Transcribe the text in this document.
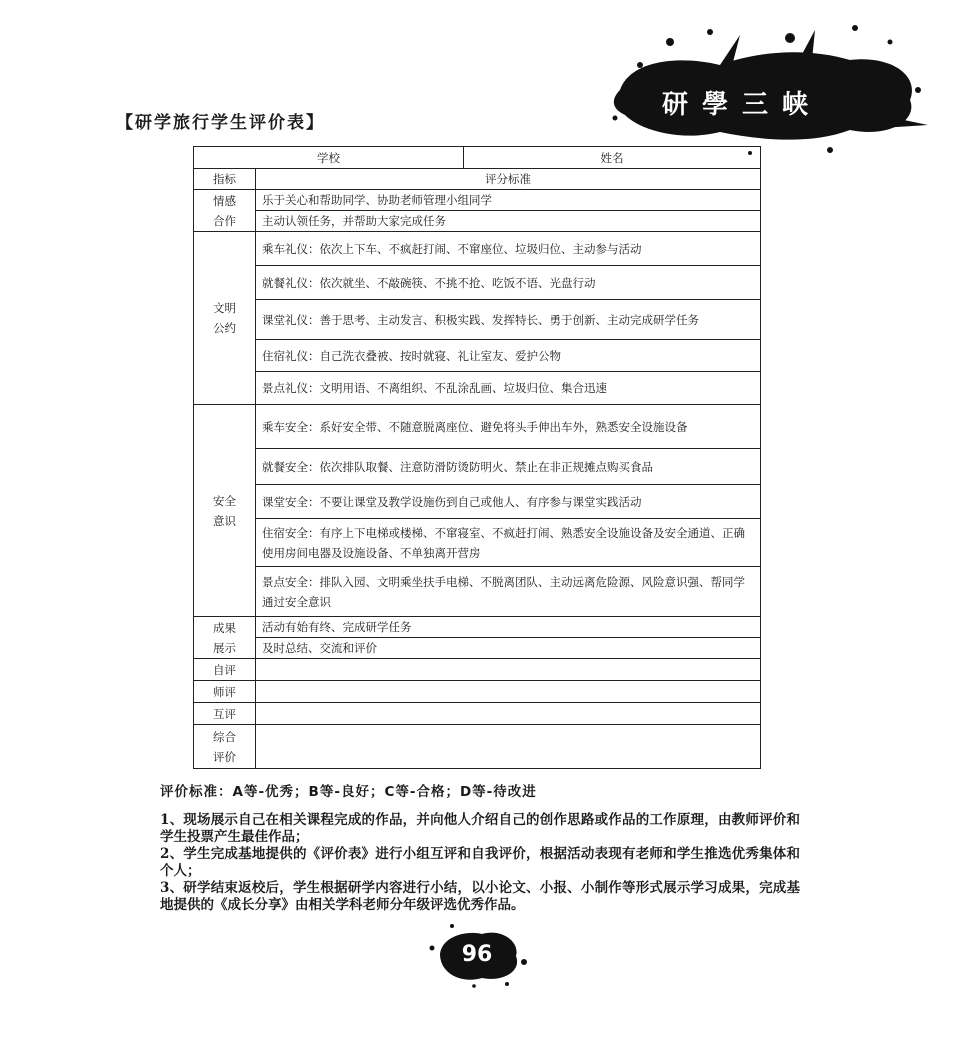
研學三峡
【研学旅行学生评价表】
学校		姓名
指标	评分标准	

情感
合作	乐于关心和帮助同学、协助老师管理小组同学	
	主动认领任务，并帮助大家完成任务	

文明
公约	乘车礼仪：依次上下车、不疯赶打闹、不窜座位、垃圾归位、主动参与活动	
	就餐礼仪：依次就坐、不敲碗筷、不挑不抢、吃饭不语、光盘行动	
	课堂礼仪：善于思考、主动发言、积极实践、发挥特长、勇于创新、主动完成研学任务	
	住宿礼仪：自己洗衣叠被、按时就寝、礼让室友、爱护公物	
	景点礼仪：文明用语、不离组织、不乱涂乱画、垃圾归位、集合迅速	

安全
意识	乘车安全：系好安全带、不随意脱离座位、避免将头手伸出车外，熟悉安全设施设备	
	就餐安全：依次排队取餐、注意防滑防烫防明火、禁止在非正规摊点购买食品	
	课堂安全：不要让课堂及教学设施伤到自己或他人、有序参与课堂实践活动	
	住宿安全：有序上下电梯或楼梯、不窜寝室、不疯赶打闹、熟悉安全设施设备及安全通道、正确使用房间电器及设施设备、不单独离开营房	
	景点安全：排队入园、文明乘坐扶手电梯、不脱离团队、主动远离危险源、风险意识强、帮同学通过安全意识	

成果
展示	活动有始有终、完成研学任务	
	及时总结、交流和评价	
自评		
师评		
互评		

综合
评价		

评价标准：A等-优秀；B等-良好；C等-合格；D等-待改进
1、现场展示自己在相关课程完成的作品，并向他人介绍自己的创作思路或作品的工作原理，由教师评价和学生投票产生最佳作品；
2、学生完成基地提供的《评价表》进行小组互评和自我评价，根据活动表现有老师和学生推选优秀集体和个人；
3、研学结束返校后，学生根据研学内容进行小结，以小论文、小报、小制作等形式展示学习成果，完成基地提供的《成长分享》由相关学科老师分年级评选优秀作品。
96
